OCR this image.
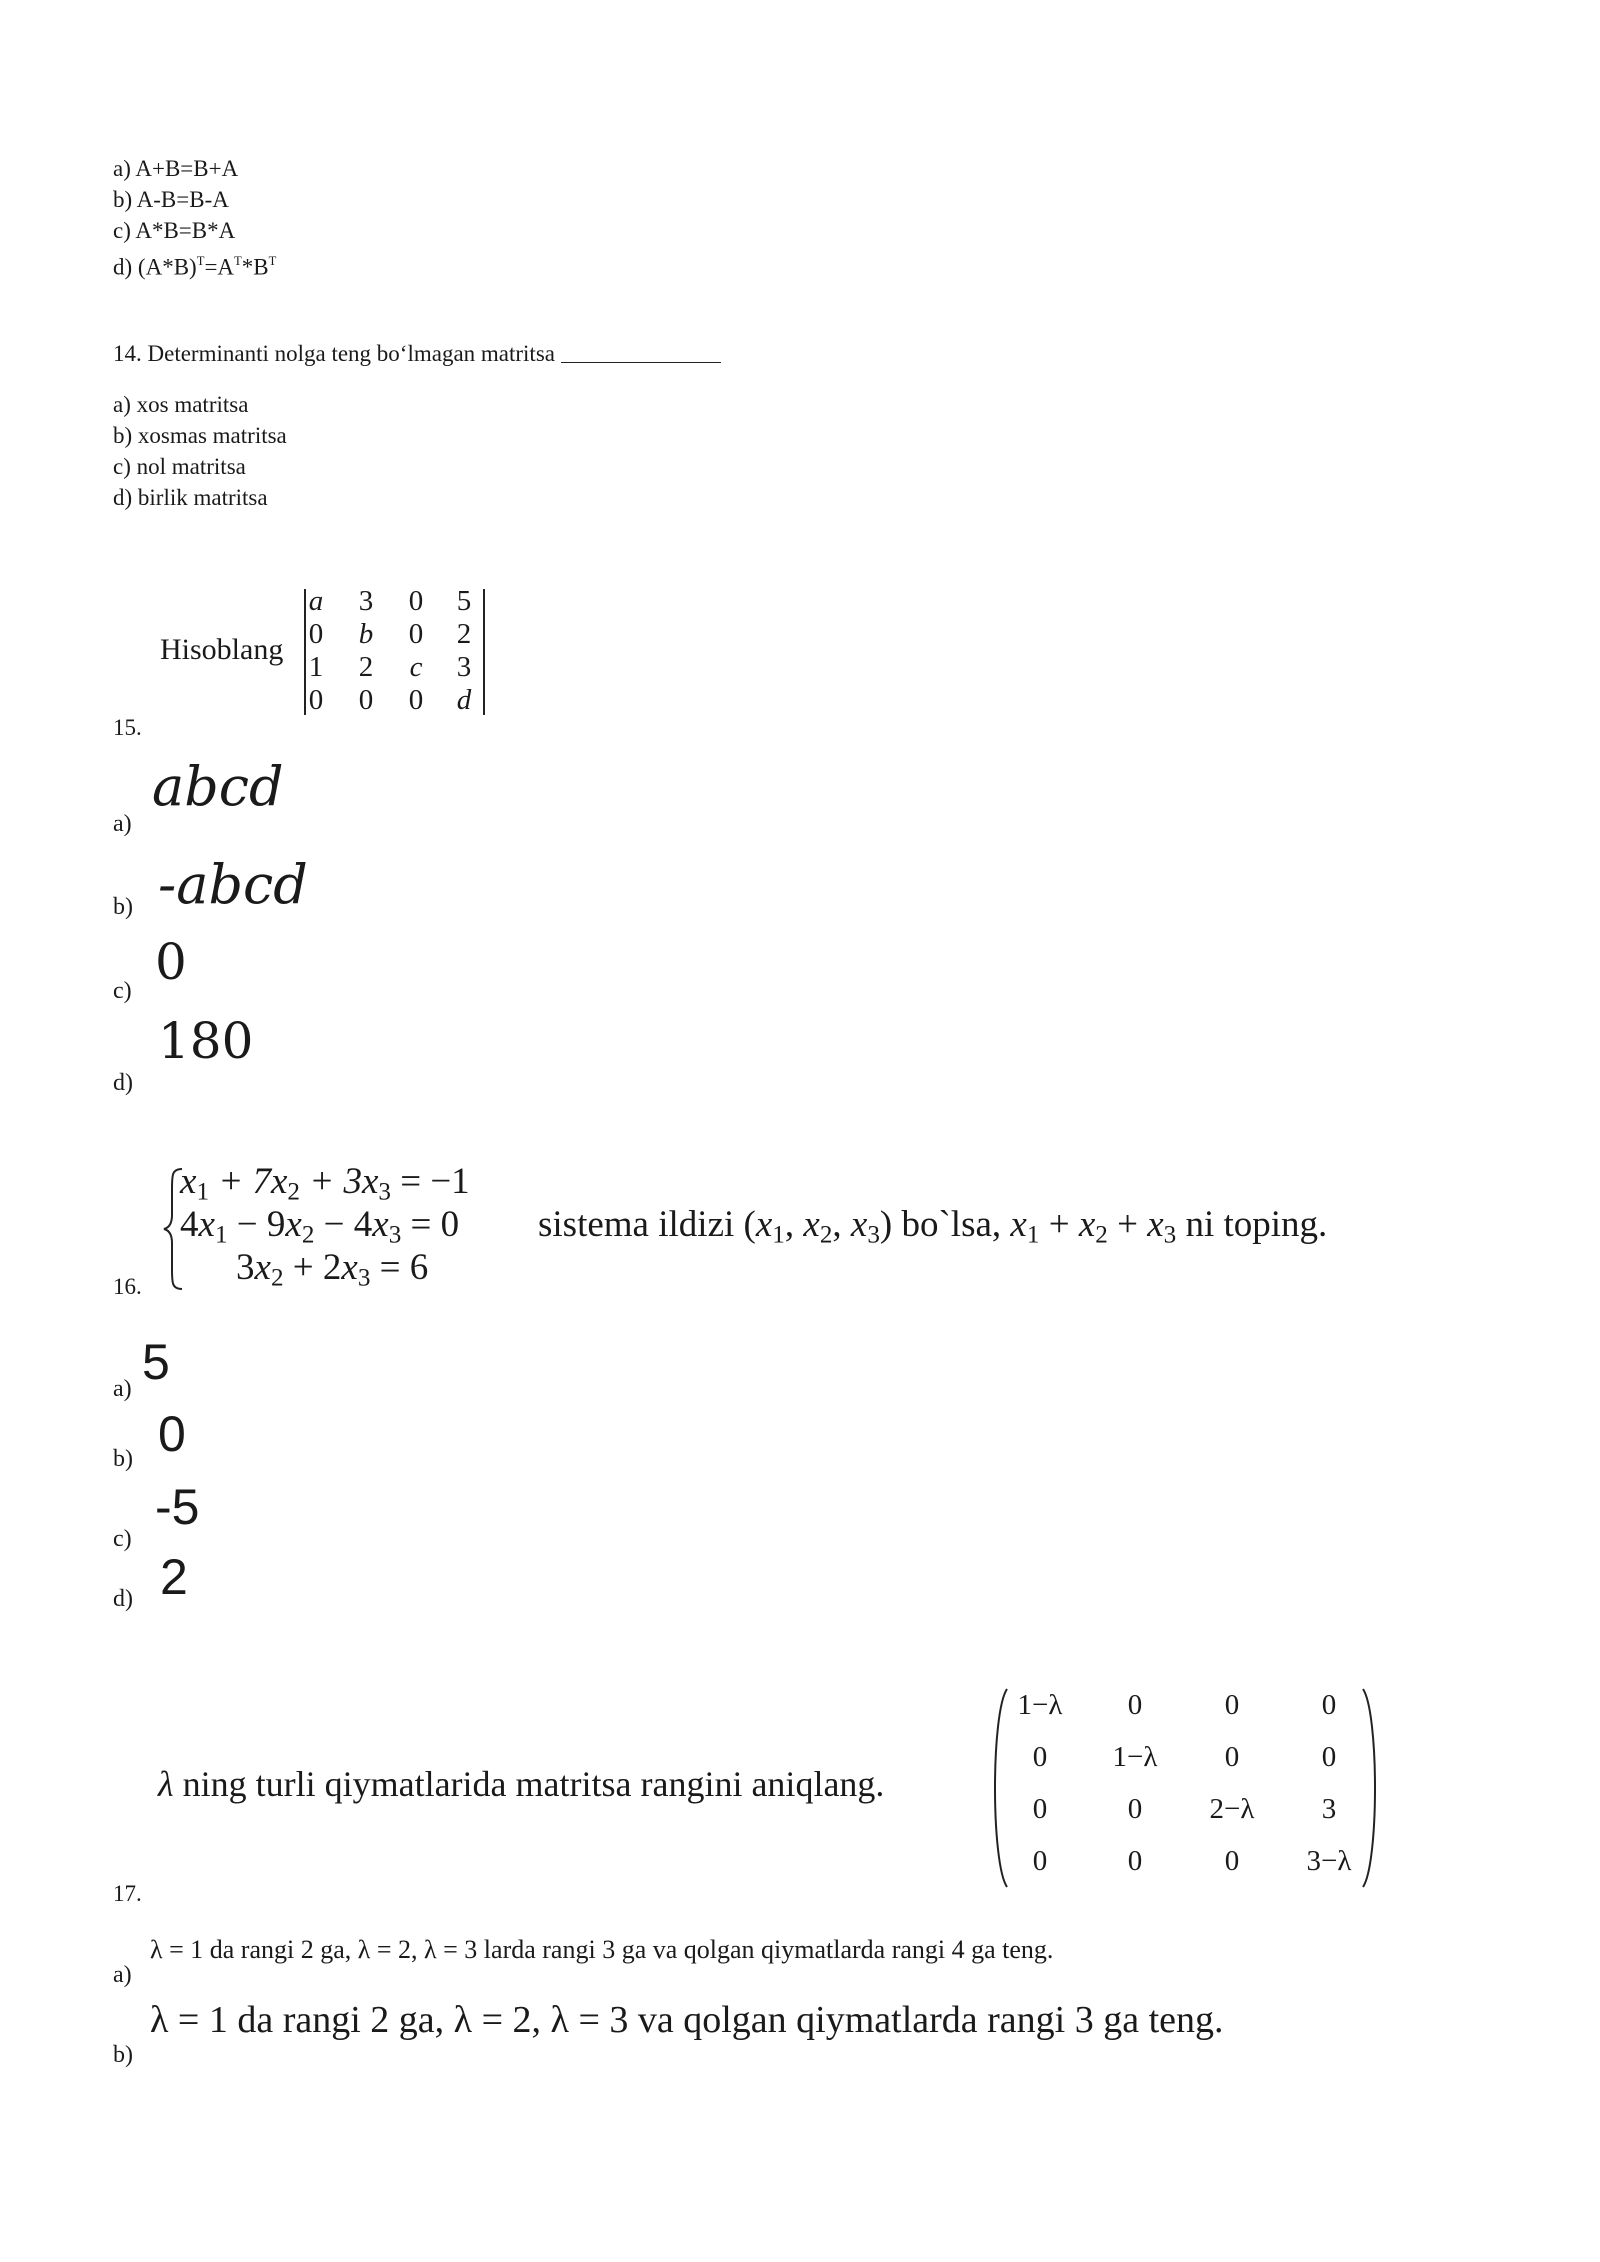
a) A+B=B+A
b) A-B=B-A
c) A*B=B*A
d) $(A*B)^T=A^T*B^T$
14. Determinanti nolga teng bo‘lmagan matritsa
a) xos matritsa
b) xosmas matritsa
c) nol matritsa
d) birlik matritsa
15.
Hisoblang
a	3	0	5
0	b	0	2
1	2	c	3
0	0	0	d
a)
abcd
b) -abcd
c) 0
d)
180
16.
$x_1 + 7x_2 + 3x_3 = -1$
$4x_1 - 9x_2 - 4x_3 = 0$
$3x_2 + 2x_3 = 6$
sistema ildizi ($x_1$, $x_2$, $x_3$) bo`lsa, $x_1 + x_2 + x_3$ ni toping.
a) 5
b) 0
c)
-5
d) 2
17.
λ ning turli qiymatlarida matritsa rangini aniqlang.
1−λ	0	0	0
0	1−λ	0	0
0	0	2−λ	3
0	0	0	3−λ
a)
λ = 1 da rangi 2 ga, λ = 2, λ = 3 larda rangi 3 ga va qolgan qiymatlarda rangi 4 ga teng.
b)
λ = 1 da rangi 2 ga, λ = 2, λ = 3 va qolgan qiymatlarda rangi 3 ga teng.
